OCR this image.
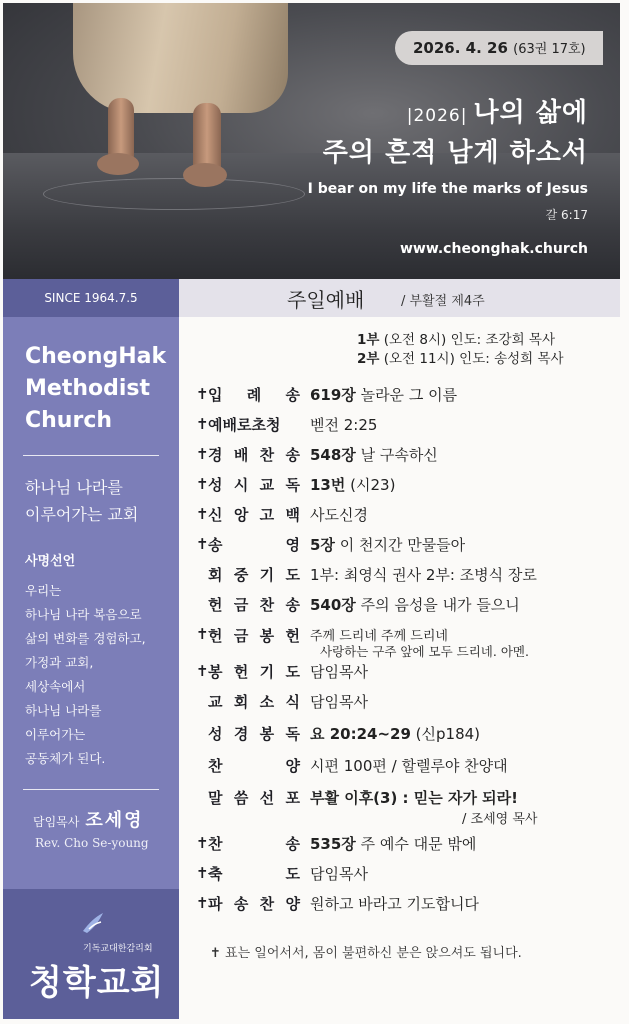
2026. 4. 26 (63권 17호)
|2026| 나의 삶에
주의 흔적 남게 하소서
I bear on my life the marks of Jesus
갈 6:17
www.cheonghak.church
SINCE 1964.7.5
CheongHak
Methodist
Church
하나님 나라를
이루어가는 교회
사명선언
우리는
하나님 나라 복음으로
삶의 변화를 경험하고,
가정과 교회,
세상속에서
하나님 나라를
이루어가는
공동체가 된다.
담임목사 조세영
Rev. Cho Se-young
기독교대한감리회
청학교회
주일예배	/ 부활절 제4주
1부 (오전 8시) 인도: 조강희 목사
2부 (오전 11시) 인도: 송성희 목사
✝ 입 례 송 619장 놀라운 그 이름
✝ 예배로초청	벧전 2:25
✝ 경 배 찬 송 548장 날 구속하신
✝ 성 시 교 독 13번 (시23)
✝ 신 앙 고 백 사도신경
✝ 송 영 5장 이 천지간 만물들아
회 중 기 도 1부: 최영식 권사 2부: 조병식 장로
헌 금 찬 송 540장 주의 음성을 내가 들으니
✝ 헌 금 봉 헌 주께 드리네 주께 드리네
사랑하는 구주 앞에 모두 드리네. 아멘.
✝ 봉 헌 기 도 담임목사
교 회 소 식 담임목사
성 경 봉 독 요 20:24~29 (신p184)
찬 양 시편 100편 / 할렐루야 찬양대
말 씀 선 포 부활 이후(3) : 믿는 자가 되라!
/ 조세영 목사
✝ 찬 송 535장 주 예수 대문 밖에
✝ 축 도 담임목사
✝ 파 송 찬 양 원하고 바라고 기도합니다
✝ 표는 일어서서, 몸이 불편하신 분은 앉으셔도 됩니다.
